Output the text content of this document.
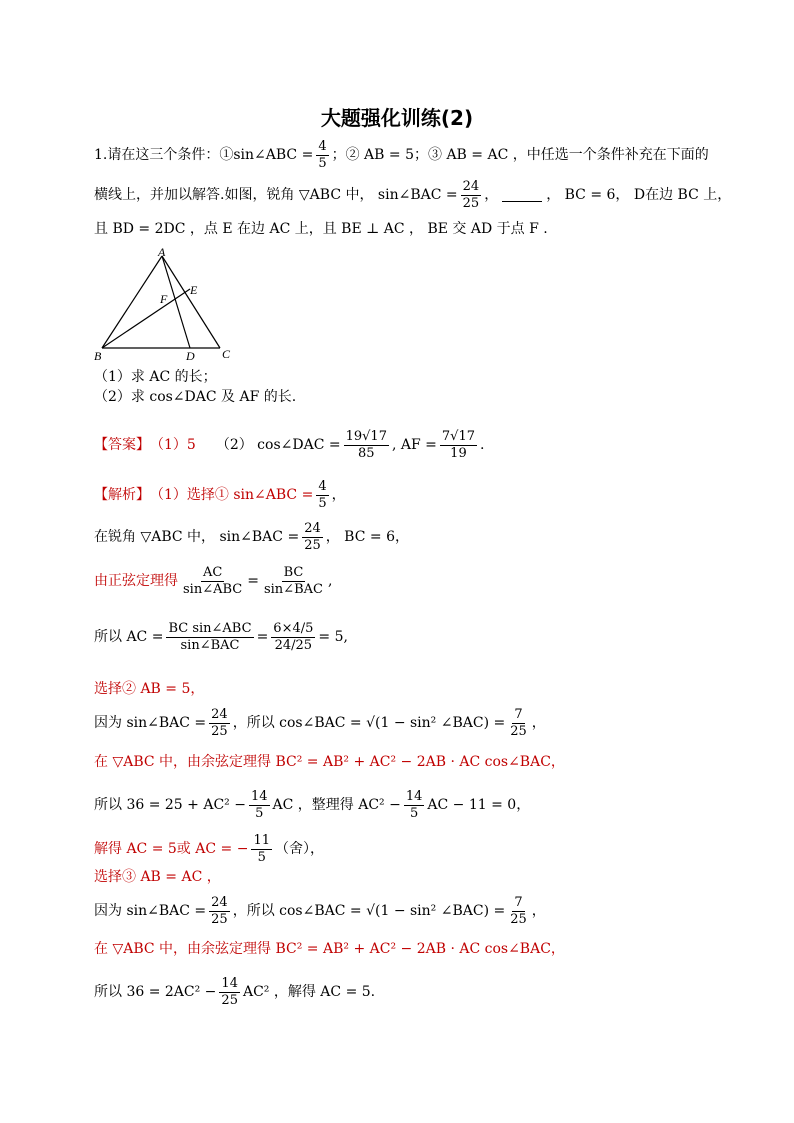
大题强化训练(2)
1.请在这三个条件：①sin∠ABC = $\frac{4}{5}$ ；② AB = 5；③ AB = AC ，中任选一个条件补充在下面的
横线上，并加以解答.如图，锐角 ▽ABC 中， sin∠BAC = $\frac{24}{25}$ ，	， BC = 6， D在边 BC 上，
且 BD = 2DC ，点 E 在边 AC 上，且 BE ⊥ AC ， BE 交 AD 于点 F .
A
B	C
D
E
F
（1）求 AC 的长；
（2）求 cos∠DAC 及 AF 的长.
【答案】 （1）5 （2） cos∠DAC = $\frac{19√17}{85}$ , AF = $\frac{7√17}{19}$ .
【解析】 （1）选择① sin∠ABC = $\frac{4}{5}$ ，
在锐角 ▽ABC 中， sin∠BAC = $\frac{24}{25}$ ， BC = 6，
由正弦定理得 $\frac{AC}{\text{sin∠ABC}} = \frac{BC}{\text{sin∠BAC}}$ ,
所以 AC = $\frac{\text{BC sin∠ABC}}{\text{sin∠BAC}} = \frac{6\times 4/5}{24/25} = 5$,
选择② AB = 5，
因为 sin∠BAC = $\frac{24}{25}$ ，所以 cos∠BAC = √(1 − sin² ∠BAC) = $\frac{7}{25}$ ，
在 ▽ABC 中，由余弦定理得 BC² = AB² + AC² − 2AB · AC cos∠BAC，
所以 $36 = 25 + AC^2 - \frac{14}{5}$ AC ，整理得 $AC^2 - \frac{14}{5}$ AC − 11 = 0，
解得 AC = 5或 AC = − $\frac{11}{5}$ （舍），
选择③ AB = AC ，
因为 sin∠BAC = $\frac{24}{25}$ ，所以 cos∠BAC = √(1 − sin² ∠BAC) = $\frac{7}{25}$ ，
在 ▽ABC 中，由余弦定理得 BC² = AB² + AC² − 2AB · AC cos∠BAC，
所以 $36 = 2AC^2 - \frac{14}{25} AC^2$ ，解得 AC = 5.
